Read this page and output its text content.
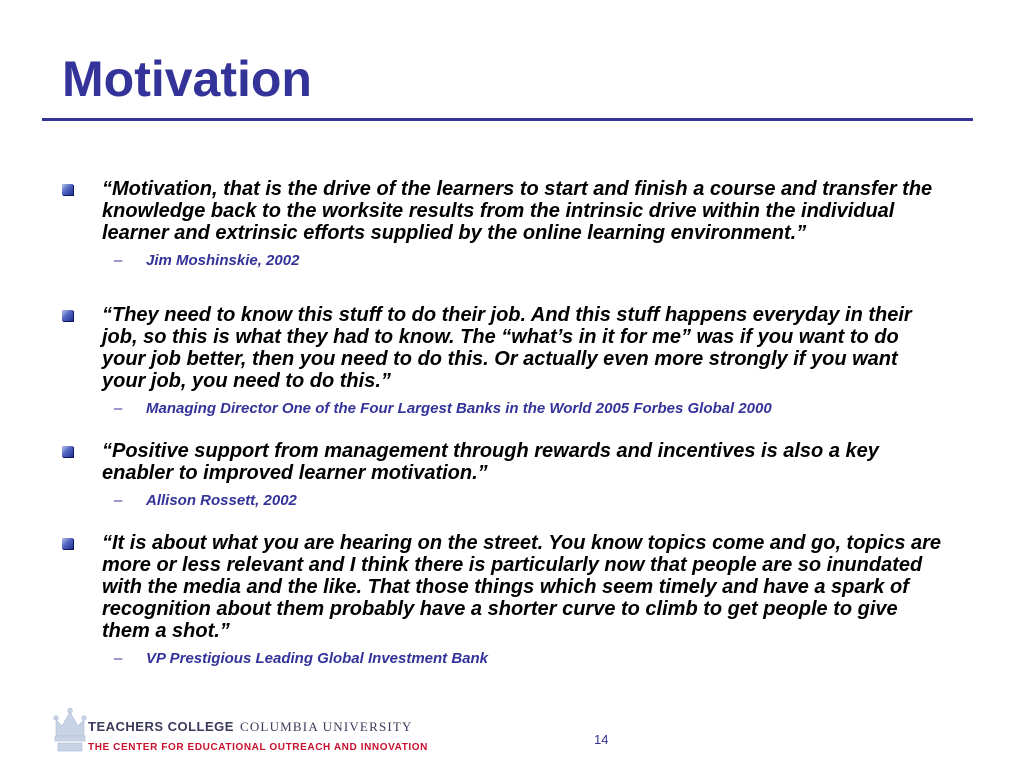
Motivation
“Motivation, that is the drive of the learners to start and finish a course and transfer the knowledge back to the worksite results from the intrinsic drive within the individual learner and extrinsic efforts supplied by the online learning environment.”
– Jim Moshinskie, 2002
“They need to know this stuff to do their job. And this stuff happens everyday in their job, so this is what they had to know. The “what’s in it for me” was if you want to do your job better, then you need to do this. Or actually even more strongly if you want your job, you need to do this.”
– Managing Director One of the Four Largest Banks in the World 2005 Forbes Global 2000
“Positive support from management through rewards and incentives is also a key enabler to improved learner motivation.”
– Allison Rossett, 2002
“It is about what you are hearing on the street. You know topics come and go, topics are more or less relevant and I think there is particularly now that people are so inundated with the media and the like. That those things which seem timely and have a spark of recognition about them probably have a shorter curve to climb to get people to give them a shot.”
– VP Prestigious Leading Global Investment Bank
TEACHERS COLLEGE COLUMBIA UNIVERSITY
THE CENTER FOR EDUCATIONAL OUTREACH AND INNOVATION
14
